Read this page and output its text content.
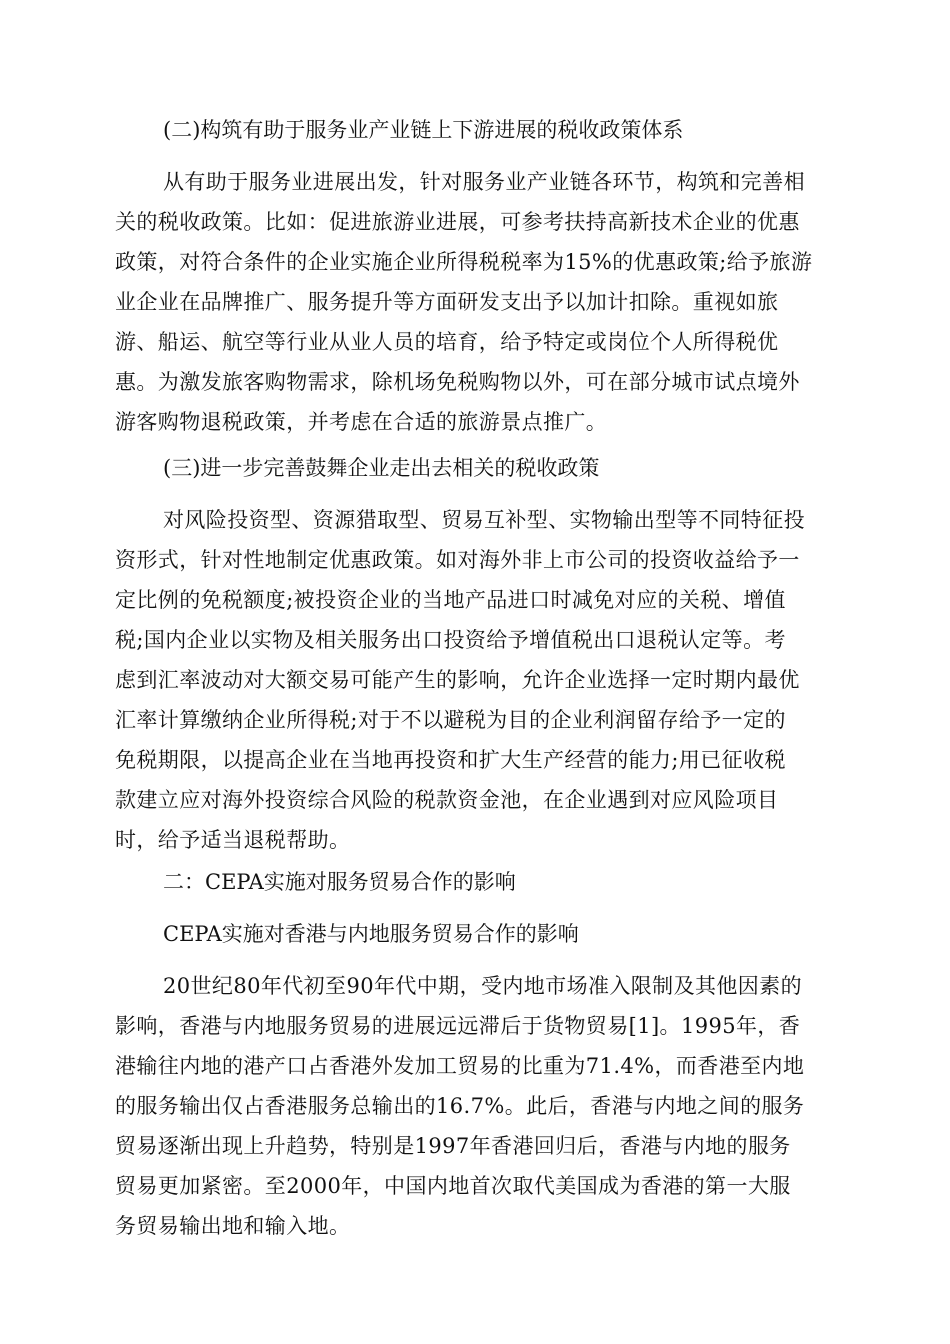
(二)构筑有助于服务业产业链上下游进展的税收政策体系

从有助于服务业进展出发，针对服务业产业链各环节，构筑和完善相
关的税收政策。比如：促进旅游业进展，可参考扶持高新技术企业的优惠
政策，对符合条件的企业实施企业所得税税率为15%的优惠政策;给予旅游
业企业在品牌推广、服务提升等方面研发支出予以加计扣除。重视如旅
游、船运、航空等行业从业人员的培育，给予特定或岗位个人所得税优
惠。为激发旅客购物需求，除机场免税购物以外，可在部分城市试点境外
游客购物退税政策，并考虑在合适的旅游景点推广。

(三)进一步完善鼓舞企业走出去相关的税收政策

对风险投资型、资源猎取型、贸易互补型、实物输出型等不同特征投
资形式，针对性地制定优惠政策。如对海外非上市公司的投资收益给予一
定比例的免税额度;被投资企业的当地产品进口时减免对应的关税、增值
税;国内企业以实物及相关服务出口投资给予增值税出口退税认定等。考
虑到汇率波动对大额交易可能产生的影响，允许企业选择一定时期内最优
汇率计算缴纳企业所得税;对于不以避税为目的企业利润留存给予一定的
免税期限，以提高企业在当地再投资和扩大生产经营的能力;用已征收税
款建立应对海外投资综合风险的税款资金池，在企业遇到对应风险项目
时，给予适当退税帮助。

二：CEPA实施对服务贸易合作的影响

CEPA实施对香港与内地服务贸易合作的影响

20世纪80年代初至90年代中期，受内地市场准入限制及其他因素的
影响，香港与内地服务贸易的进展远远滞后于货物贸易[1]。1995年，香
港输往内地的港产口占香港外发加工贸易的比重为71.4%，而香港至内地
的服务输出仅占香港服务总输出的16.7%。此后，香港与内地之间的服务
贸易逐渐出现上升趋势，特别是1997年香港回归后，香港与内地的服务
贸易更加紧密。至2000年，中国内地首次取代美国成为香港的第一大服
务贸易输出地和输入地。
